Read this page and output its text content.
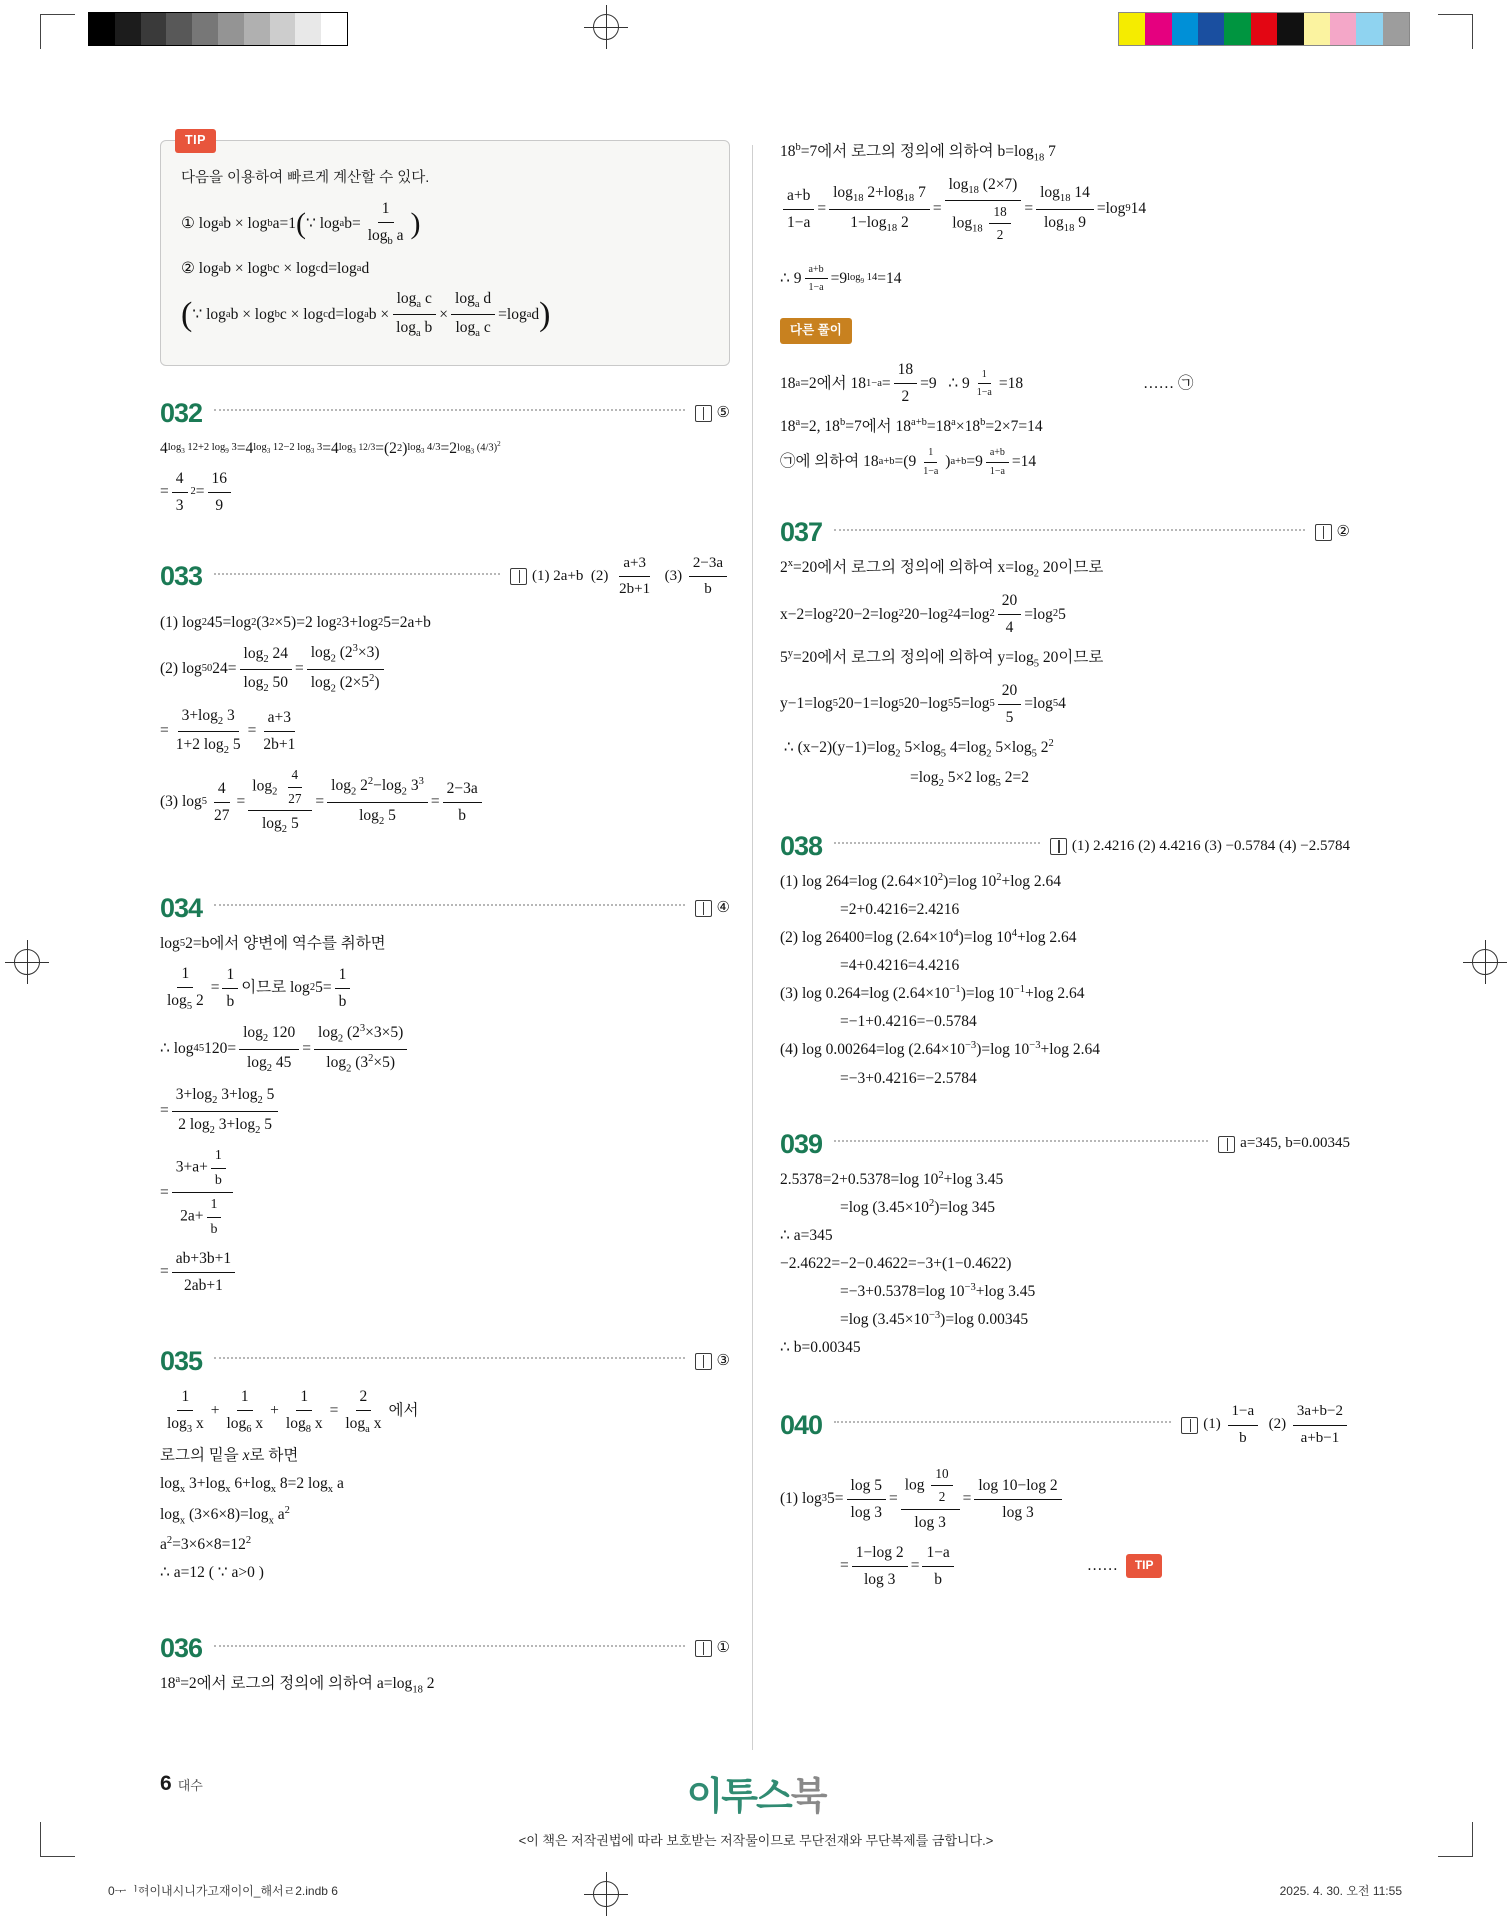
TIP
다음을 이용하여 빠르게 계산할 수 있다.
① log a b × log b a=1 ( ∵ log a $b= \frac{1}{\log_b a}$ )
② log a b × log b c × log c d=log a d
( ∵ log a b × log b c × log c d=log a $b \times \frac{\log_a c}{\log_a b} \times \frac{\log_a d}{\log_a c} =\log$ a d )
032	⑤
4 $\log_3 12+2$ $\log_9 3 =4$ $\log_3 12-2$ $\log_3 3 =4$ $\log_3 12/3 =(2$ 2 ) $\log_3 4/3 =2$ $\log_3 (4/3)^2$
= $\frac{4}{3} 2 = \frac{16}{9}$
033	(1) 2a+b  $(2) \frac{a+3}{2b+1} (3) \frac{2-3a}{b}$
(1) log 2 45=log 2 (3 2 ×5)=2 log 2 3+log 2 5=2a+b
(2) log 50 $24= \frac{\log_2 24}{\log_2 50} = \frac{\log_2 (2^3\times 3)}{\log_2 (2\times 5^2)}$
= $\frac{3+\log_2 3}{1+2 \log_2 5} = \frac{a+3}{2b+1}$
(3) $\log 5 \frac{4}{27} = \frac{\log_2 \frac{4}{27}}{\log_2 5} = \frac{\log_2 2^2-\log_2 3^3}{\log_2 5} = \frac{2-3a}{b}$
034	④
log 5 2=b에서 양변에 역수를 취하면
$\frac{1}{\log_5 2} = \frac{1}{b}$ 이므로 log 2 $5= \frac{1}{b}$
∴ log 45 $120= \frac{\log_2 120}{\log_2 45} = \frac{\log_2 (2^3\times 3\times 5)}{\log_2 (3^2\times 5)}$
= $\frac{3+\log_2 3+\log_2 5}{2 \log_2 3+\log_2 5}$
= $\frac{3+a+ \frac{1}{b}}{2a+ \frac{1}{b}}$
= $\frac{ab+3b+1}{2ab+1}$
035	③
$\frac{1}{\log_3 x} + \frac{1}{\log_6 x} + \frac{1}{\log_8 x} = \frac{2}{\log_a x}$ 에서
로그의 밑을 x로 하면
$\log_x 3+\log_x$ $6+\log_x$ 8=2 $\log_x a$
$\log_x (3\times 6\times 8)=\log_x$ $a^2$
$a^2=3\times 6\times 8=12^2$
∴ a=12 ( ∵ a>0 )
036	①
$18^a=2$에서 로그의 정의에 의하여 $a=\log_{18}$ 2
$18^b=7$에서 로그의 정의에 의하여 $b=\log_{18}$ 7
$\frac{a+b}{1-a} = \frac{\log_{18} 2+\log_{18} 7}{1-\log_{18} 2} = \frac{\log_{18} (2\times 7)}{\log_{18} \frac{18}{2}} = \frac{\log_{18} 14}{\log_{18} 9} =\log$ 9 14
∴ $9 \frac{a+b}{1-a} =9$ $\log_9 14 =14$
다른 풀이
18 a =2에서 18 $1-a = \frac{18}{2} =9$   ∴ $9 \frac{1}{1-a} =18$	…… ㉠
$18^a=2$, $18^b=7$에서 $18^{a+b}=18^a\times 18^b=2\times 7=14$
㉠에 의하여 18 $a+b =(9 \frac{1}{1-a}$ ) $a+b =9 \frac{a+b}{1-a} =14$
037	②
$2^x=20$에서 로그의 정의에 의하여 $x=\log_2$ 20이므로
x−2=log 2 20−2=log 2 20−log 2 4=log $2 \frac{20}{4} =\log$ 2 5
$5^y=20$에서 로그의 정의에 의하여 $y=\log_5$ 20이므로
y−1=log 5 20−1=log 5 20−log 5 5=log $5 \frac{20}{5} =\log$ 5 4
∴ $(x-2)(y-1)=\log_2$ $5\times\log_5$ $4=\log_2$ $5\times\log_5$ $2^2$
$=\log_2$ 5×2 $\log_5 2=2$
038	(1) 2.4216 (2) 4.4216 (3) −0.5784 (4) −2.5784
(1) log 264=log $(2.64\times 10^2)=\log$ $10^2+\log$ 2.64
=2+0.4216=2.4216
(2) log 26400=log $(2.64\times 10^4)=\log$ $10^4+\log$ 2.64
=4+0.4216=4.4216
(3) log 0.264=log $(2.64\times 10^{-1})=\log$ $10^{-1}+\log$ 2.64
=−1+0.4216=−0.5784
(4) log 0.00264=log $(2.64\times 10^{-3})=\log$ $10^{-3}+\log$ 2.64
=−3+0.4216=−2.5784
039	a=345, b=0.00345
2.5378=2+0.5378=log $10^2+\log$ 3.45
=log $(3.45\times 10^2)=\log$ 345
∴ a=345
−2.4622=−2−0.4622=−3+(1−0.4622)
=−3+0.5378=log $10^{-3}+\log$ 3.45
=log $(3.45\times 10^{-3})=\log$ 0.00345
∴ b=0.00345
040	$(1) \frac{1-a}{b} (2) \frac{3a+b-2}{a+b-1}$
(1) log 3 $5= \frac{\log 5}{\log 3} = \frac{\log \frac{10}{2}}{\log 3} = \frac{\log 10-\log 2}{\log 3}$
= $\frac{1-\log 2}{\log 3} = \frac{1-a}{b}$	……	TIP
6 대수	이투스북
<이 책은 저작권법에 따라 보호받는 저작물이므로 무단전재와 무단복제를 금합니다.>
0ᅮᅵᅙᅧ이내시니가고재이이_해서ㄹ2.indb 6	2025. 4. 30. 오전 11:55
